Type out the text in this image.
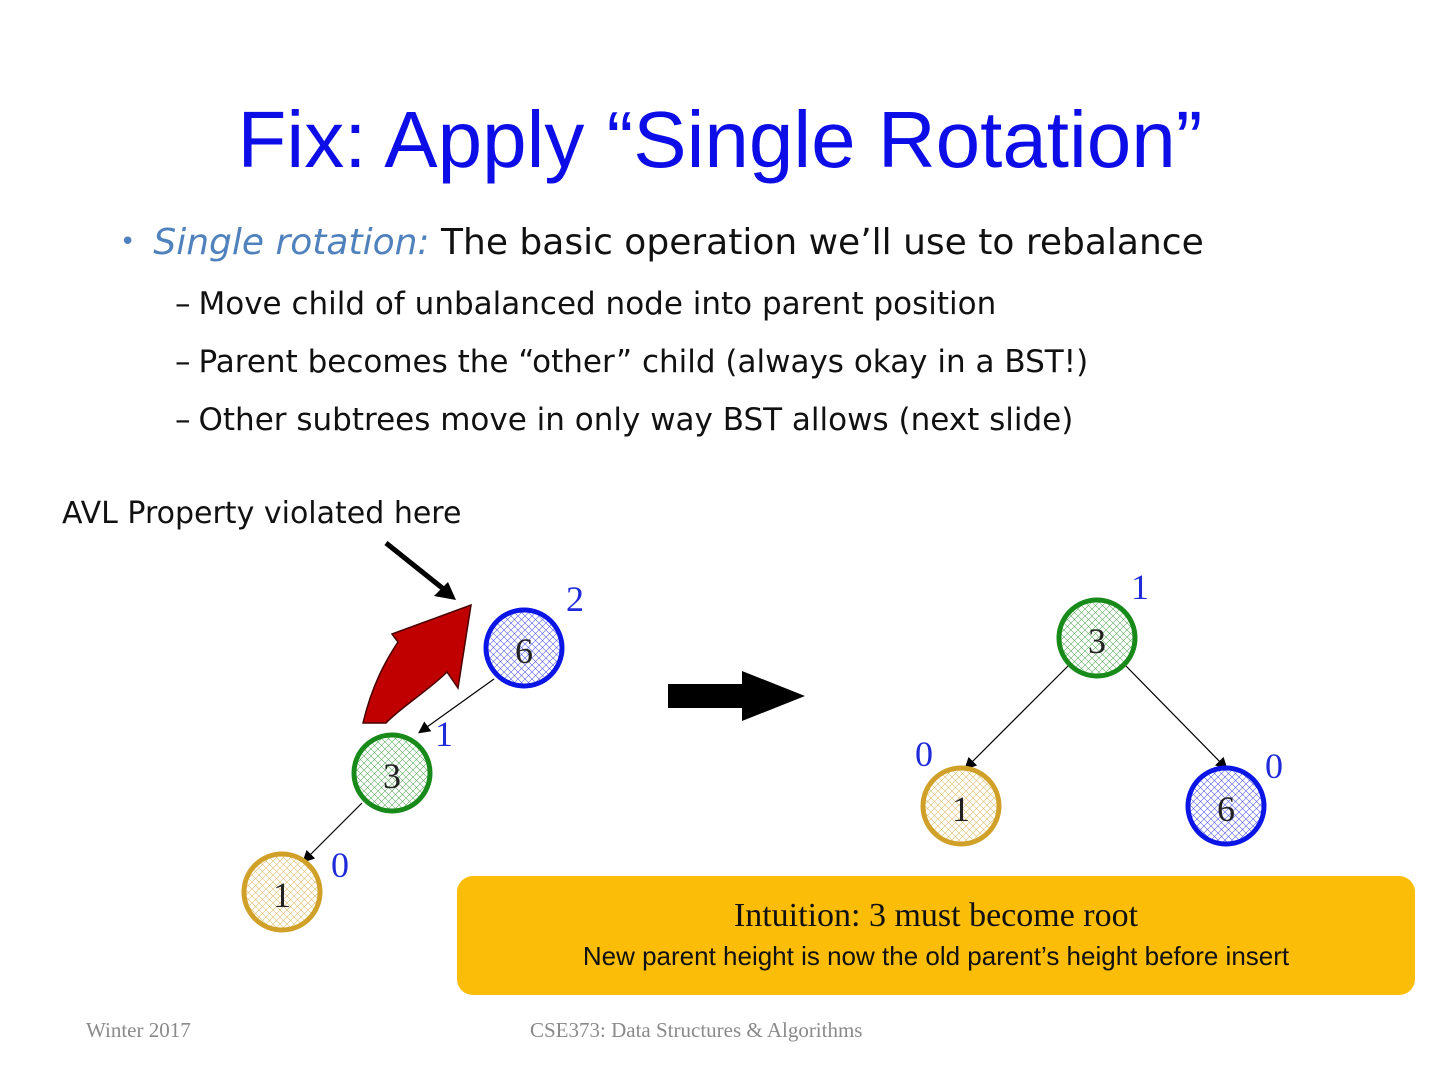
Fix: Apply “Single Rotation”
• Single rotation: The basic operation we’ll use to rebalance
– Move child of unbalanced node into parent position
– Parent becomes the “other” child (always okay in a BST!)
– Other subtrees move in only way BST allows (next slide)
AVL Property violated here
6
2
3
1
1
0
3
1
1
0
6
0
Intuition: 3 must become root
New parent height is now the old parent’s height before insert
Winter 2017	CSE373: Data Structures & Algorithms
